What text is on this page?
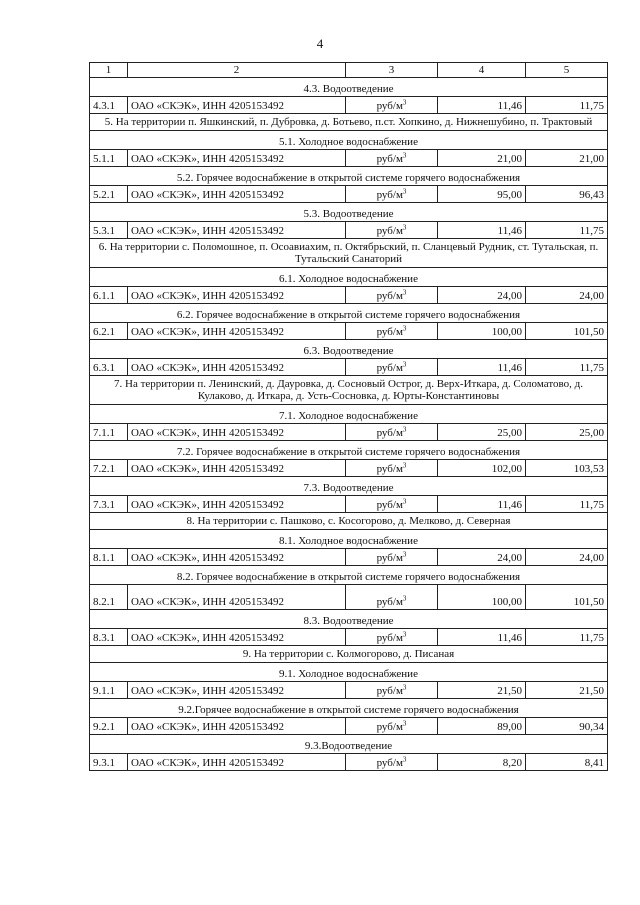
4
1	2	3	4	5
4.3. Водоотведение				
4.3.1	ОАО «СКЭК», ИНН 4205153492	руб/$м^3$	11,46	11,75
5. На территории п. Яшкинский, п. Дубровка, д. Ботьево, п.ст. Хопкино, д. Нижнешубино, п. Трактовый				
5.1. Холодное водоснабжение				
5.1.1	ОАО «СКЭК», ИНН 4205153492	руб/$м^3$	21,00	21,00
5.2. Горячее водоснабжение в открытой системе горячего водоснабжения				
5.2.1	ОАО «СКЭК», ИНН 4205153492	руб/$м^3$	95,00	96,43
5.3. Водоотведение				
5.3.1	ОАО «СКЭК», ИНН 4205153492	руб/$м^3$	11,46	11,75
6. На территории с. Поломошное, п. Осоавиахим, п. Октябрьский, п. Сланцевый Рудник, ст. Тутальская, п. Тутальский Санаторий				
6.1. Холодное водоснабжение				
6.1.1	ОАО «СКЭК», ИНН 4205153492	руб/$м^3$	24,00	24,00
6.2. Горячее водоснабжение в открытой системе горячего водоснабжения				
6.2.1	ОАО «СКЭК», ИНН 4205153492	руб/$м^3$	100,00	101,50
6.3. Водоотведение				
6.3.1	ОАО «СКЭК», ИНН 4205153492	руб/$м^3$	11,46	11,75
7. На территории п. Ленинский, д. Дауровка, д. Сосновый Острог, д. Верх-Иткара, д. Соломатово, д. Кулаково, д. Иткара, д. Усть-Сосновка, д. Юрты-Константиновы				
7.1. Холодное водоснабжение				
7.1.1	ОАО «СКЭК», ИНН 4205153492	руб/$м^3$	25,00	25,00
7.2. Горячее водоснабжение в открытой системе горячего водоснабжения				
7.2.1	ОАО «СКЭК», ИНН 4205153492	руб/$м^3$	102,00	103,53
7.3. Водоотведение				
7.3.1	ОАО «СКЭК», ИНН 4205153492	руб/$м^3$	11,46	11,75
8. На территории с. Пашково, с. Косогорово, д. Мелково, д. Северная				
8.1. Холодное водоснабжение				
8.1.1	ОАО «СКЭК», ИНН 4205153492	руб/$м^3$	24,00	24,00
8.2. Горячее водоснабжение в открытой системе горячего водоснабжения				
8.2.1	ОАО «СКЭК», ИНН 4205153492	руб/$м^3$	100,00	101,50
8.3. Водоотведение				
8.3.1	ОАО «СКЭК», ИНН 4205153492	руб/$м^3$	11,46	11,75
9. На территории с. Колмогорово, д. Писаная				
9.1. Холодное водоснабжение				
9.1.1	ОАО «СКЭК», ИНН 4205153492	руб/$м^3$	21,50	21,50
9.2.Горячее водоснабжение в открытой системе горячего водоснабжения				
9.2.1	ОАО «СКЭК», ИНН 4205153492	руб/$м^3$	89,00	90,34
9.3.Водоотведение				
9.3.1	ОАО «СКЭК», ИНН 4205153492	руб/$м^3$	8,20	8,41
